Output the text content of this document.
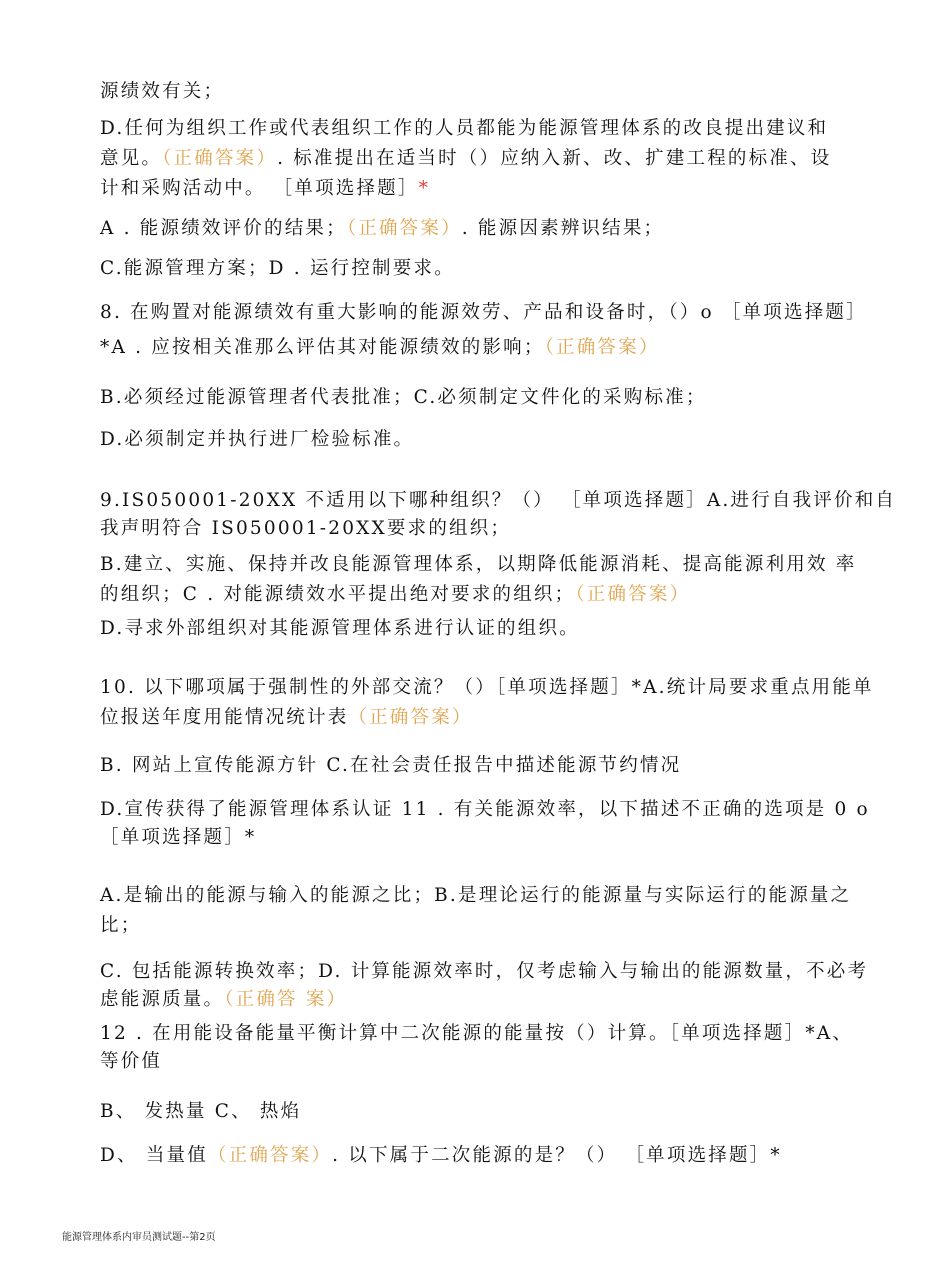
源绩效有关；
D.任何为组织工作或代表组织工作的人员都能为能源管理体系的改良提出建议和
意见。（正确答案）. 标准提出在适当时（）应纳入新、改、扩建工程的标准、设
计和采购活动中。 ［单项选择题］*
A . 能源绩效评价的结果；（正确答案）. 能源因素辨识结果；
C.能源管理方案；D . 运行控制要求。
8. 在购置对能源绩效有重大影响的能源效劳、产品和设备时，（）o ［单项选择题］
*A . 应按相关准那么评估其对能源绩效的影响；（正确答案）
B.必须经过能源管理者代表批准；C.必须制定文件化的采购标准；
D.必须制定并执行进厂检验标准。
9.IS050001-20XX 不适用以下哪种组织？（） ［单项选择题］A.进行自我评价和自
我声明符合 IS050001-20XX要求的组织；
B.建立、实施、保持并改良能源管理体系，以期降低能源消耗、提高能源利用效 率
的组织；C . 对能源绩效水平提出绝对要求的组织；（正确答案）
D.寻求外部组织对其能源管理体系进行认证的组织。
10. 以下哪项属于强制性的外部交流？（）［单项选择题］*A.统计局要求重点用能单
位报送年度用能情况统计表（正确答案）
B. 网站上宣传能源方针 C.在社会责任报告中描述能源节约情况
D.宣传获得了能源管理体系认证 11 . 有关能源效率，以下描述不正确的选项是 0 o
［单项选择题］*
A.是输出的能源与输入的能源之比；B.是理论运行的能源量与实际运行的能源量之
比；
C. 包括能源转换效率；D. 计算能源效率时，仅考虑输入与输出的能源数量，不必考
虑能源质量。（正确答 案）
12 . 在用能设备能量平衡计算中二次能源的能量按（）计算。［单项选择题］*A、
等价值
B、 发热量 C、 热焰
D、 当量值（正确答案）. 以下属于二次能源的是？（） ［单项选择题］*
能源管理体系内审员测试题--第2页
